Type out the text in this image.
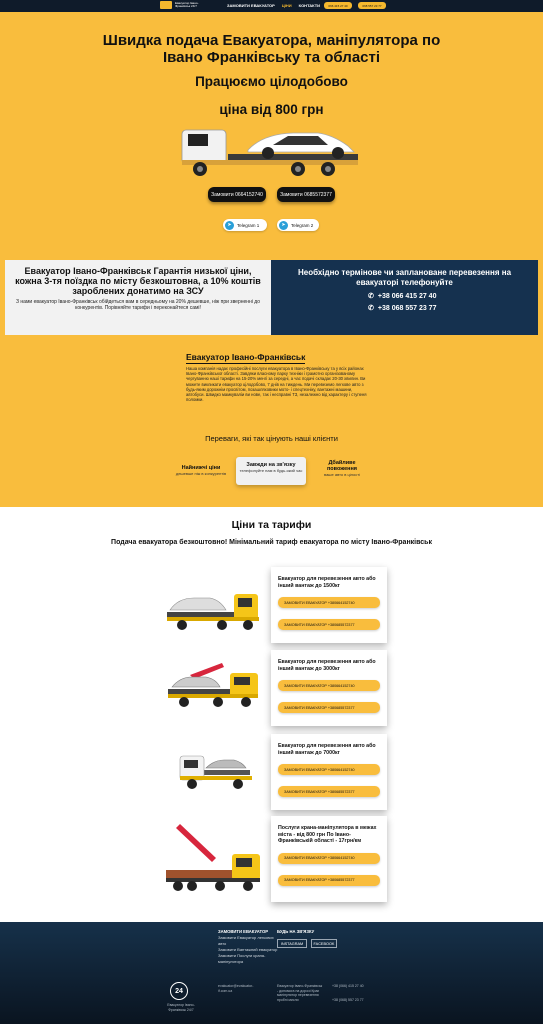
Евакуатор Івано-Франківськ 24/7	ЗАМОВИТИ ЕВАКУАТОР ЦІНИ КОНТАКТИ	066 415 27 40	068 557 23 77
Швидка подача Евакуатора, маніпулятора по Івано Франківську та області
Працюємо цілодобово
ціна від 800 грн
Замовити 0664152740	Замовити 0685572377
➤	Telegram 1	➤	Telegram 2
Евакуатор Івано-Франківськ Гарантія низької ціни, кожна 3-тя поїздка по місту безкоштовна, а 10% коштів зароблених донатимо на ЗСУ
З нами евакуатор Івано-Франківськ обійдеться вам в середньому на 20% дешевше, ніж при зверненні до конкурентів. Порівняйте тарифи і переконайтеся самі!
Необхідно термінове чи заплановане перевезення на евакуаторі телефонуйте
✆ +38 066 415 27 40
✆ +38 068 557 23 77
Евакуатор Івано-Франківськ
Наша компанія надає професійні послуги евакуатора в Івано-Франківську та у всіх районах Івано-Франківської області. Завдяки власному парку техніки і грамотно організованому чергуванню наші тарифи на 15-20% менгі за середні, а час подачі складає 20-30 хвилин. Ви можете викликати евакуатор цілодобово, 7 днів на тиждень. Ми перевеземо легкове авто з будь-яким дорожнім просвітом, позашляховики мото- і спецтехніку, вантажні машини, автобуси. Швидко мамкуваліи ви нове, так і несправні ТЗ, незалежно від характеру і ступеня поломки.
Переваги, які так цінують наші клієнти
Найнижчі ціни
дешевше ніж в конкурентів
Завжди на зв'язку
телефонуйте нам в будь-який час
Дбайливе повоження
ваше авто в цілості
Ціни та тарифи
Подача евакуатора безкоштовно! Мінімальний тариф евакуатора по місту Івано-Франківськ
Евакуатор для перевезення авто або інший вантаж до 1500кг
ЗАМОВИТИ ЕВАКУАТОР +380664152740
ЗАМОВИТИ ЕВАКУАТОР +380685572377
Евакуатор для перевезення авто або інший вантаж до 3000кг
ЗАМОВИТИ ЕВАКУАТОР +380664152740
ЗАМОВИТИ ЕВАКУАТОР +380685572377
Евакуатор для перевезення авто або інший вантаж до 7000кг
ЗАМОВИТИ ЕВАКУАТОР +380664152740
ЗАМОВИТИ ЕВАКУАТОР +380685572377
Послуги крана-маніпулятора в межах міста - від 800 грн По Івано-Франківській області - 17грн/км
ЗАМОВИТИ ЕВАКУАТОР +380664152740
ЗАМОВИТИ ЕВАКУАТОР +380685572377
ЗАМОВИТИ ЕВАКУАТОР
Замовити Евакуатор легкових авто
Замовити Вантажний евакуатор
Замовити Послуги крана-маніпулятора
БУДЬ НА ЗВ'ЯЗКУ
INSTAGRAM	FACEBOOK
24
Евакуатор Івано-Франківськ 24/7
evakuator@evakuator-if.com.ua
Евакуатор Івано-Франківськ - допомога на дорозі Крає маніпулятор перевезення пробні мисли
+38 (066) 415 27 40
+38 (068) 557 23 77
